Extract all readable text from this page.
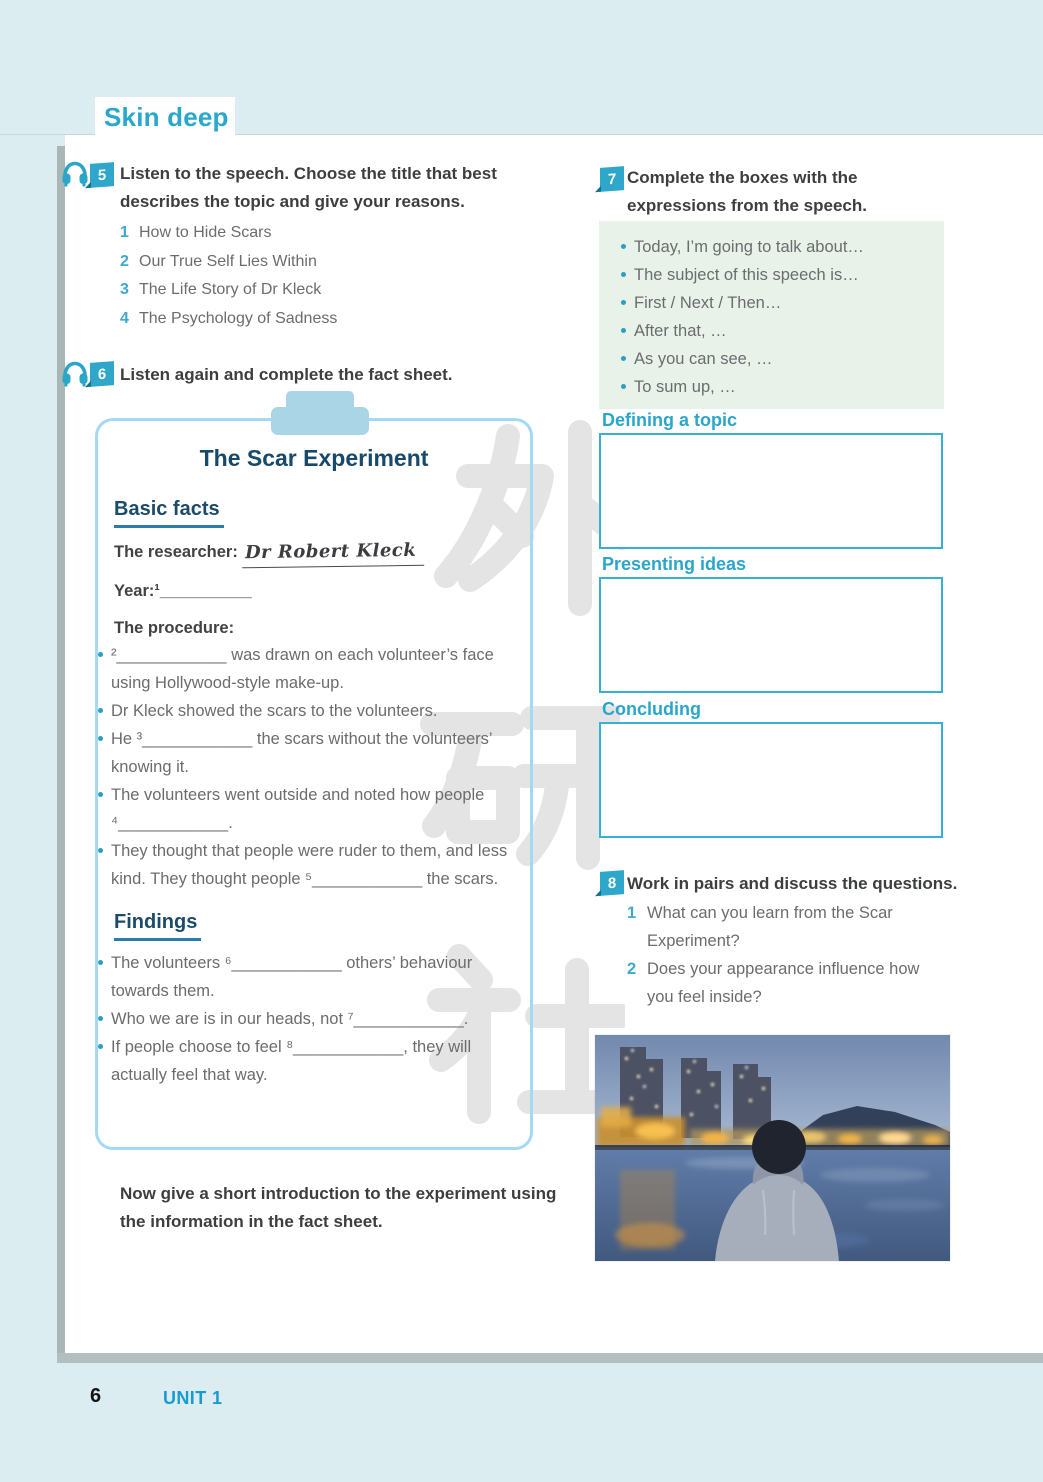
Skin deep
5 Listen to the speech. Choose the title that best describes the topic and give your reasons.
1 How to Hide Scars
2 Our True Self Lies Within
3 The Life Story of Dr Kleck
4 The Psychology of Sadness
6 Listen again and complete the fact sheet.
The Scar Experiment
Basic facts
The researcher: Dr Robert Kleck
Year:¹__________
The procedure:
²____________ was drawn on each volunteer’s face using Hollywood-style make-up.
Dr Kleck showed the scars to the volunteers.
He ³____________ the scars without the volunteers’ knowing it.
The volunteers went outside and noted how people ⁴____________.
They thought that people were ruder to them, and less kind. They thought people ⁵____________ the scars.
Findings
The volunteers ⁶____________ others’ behaviour towards them.
Who we are is in our heads, not ⁷____________.
If people choose to feel ⁸____________, they will actually feel that way.
Now give a short introduction to the experiment using the information in the fact sheet.
7 Complete the boxes with the expressions from the speech.
Today, I’m going to talk about…
The subject of this speech is…
First / Next / Then…
After that, …
As you can see, …
To sum up, …
Defining a topic
Presenting ideas
Concluding
8 Work in pairs and discuss the questions.
1 What can you learn from the Scar Experiment?
2 Does your appearance influence how you feel inside?
6	UNIT 1
